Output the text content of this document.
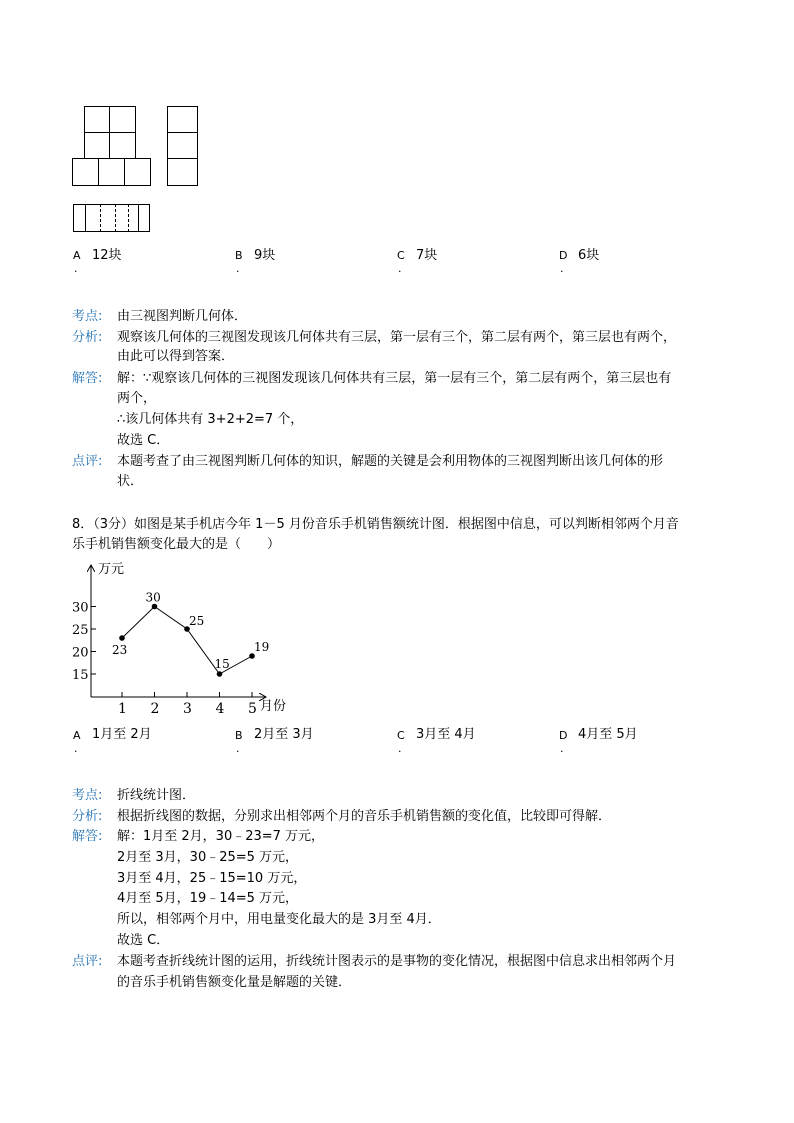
A 12块
.
B 9块
.
C 7块
.
D 6块
.
考点: 由三视图判断几何体．
分析: 观察该几何体的三视图发现该几何体共有三层，第一层有三个，第二层有两个，第三层也有两个，
由此可以得到答案．
解答: 解：∵观察该几何体的三视图发现该几何体共有三层，第一层有三个，第二层有两个，第三层也有
两个，
∴该几何体共有 3+2+2=7 个，
故选 C．
点评: 本题考查了由三视图判断几何体的知识，解题的关键是会利用物体的三视图判断出该几何体的形
状．
8．（3分）如图是某手机店今年 1－5 月份音乐手机销售额统计图．根据图中信息，可以判断相邻两个月音
乐手机销售额变化最大的是（　　）
万元
月份
15
20
25
30
1 2 3 4 5
23
30
25
15
19
A 1月至 2月
.
B 2月至 3月
.
C 3月至 4月
.
D 4月至 5月
.
考点: 折线统计图．
分析: 根据折线图的数据，分别求出相邻两个月的音乐手机销售额的变化值，比较即可得解．
解答: 解：1月至 2月，30﹣23=7 万元，
2月至 3月，30﹣25=5 万元，
3月至 4月，25﹣15=10 万元，
4月至 5月，19﹣14=5 万元，
所以，相邻两个月中，用电量变化最大的是 3月至 4月．
故选 C．
点评: 本题考查折线统计图的运用，折线统计图表示的是事物的变化情况，根据图中信息求出相邻两个月
的音乐手机销售额变化量是解题的关键．
